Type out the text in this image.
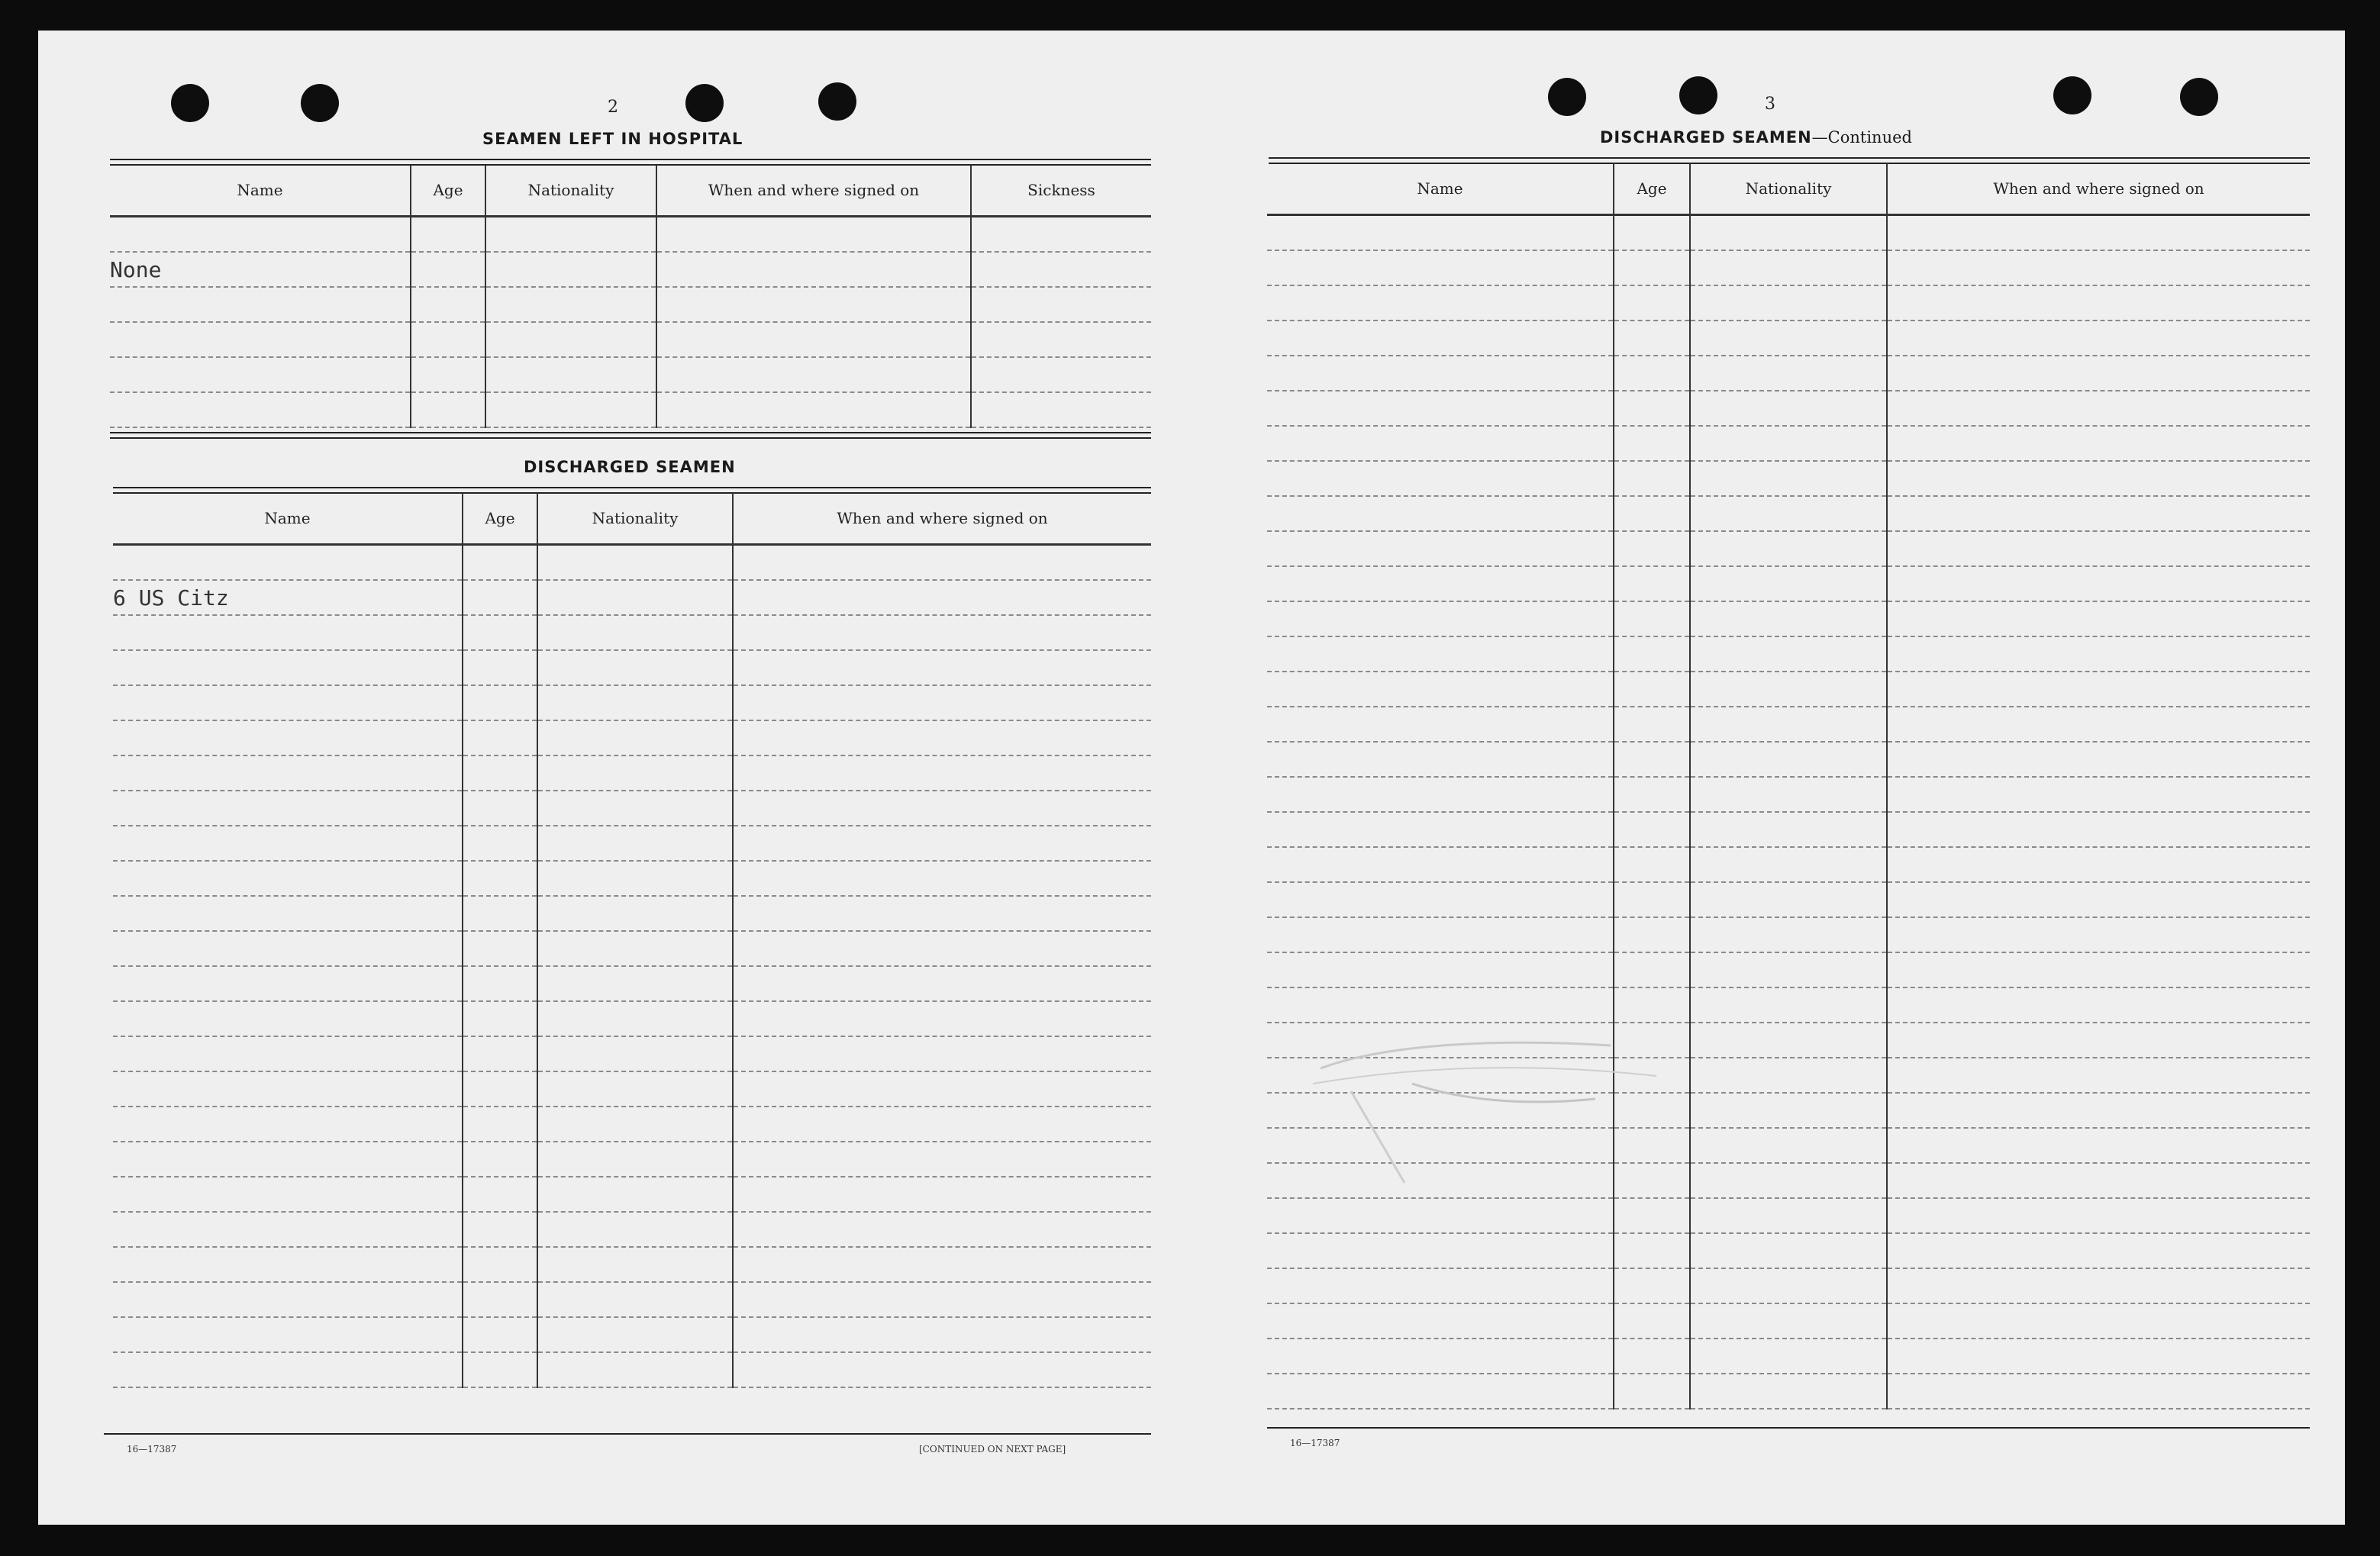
2
SEAMEN LEFT IN HOSPITAL
Name	Age	Nationality	When and where signed on	Sickness

None				

DISCHARGED SEAMEN
Name	Age	Nationality	When and where signed on

6 US Citz			

16—17387	[CONTINUED ON NEXT PAGE]
3
DISCHARGED SEAMEN—Continued
Name	Age	Nationality	When and where signed on

16—17387
